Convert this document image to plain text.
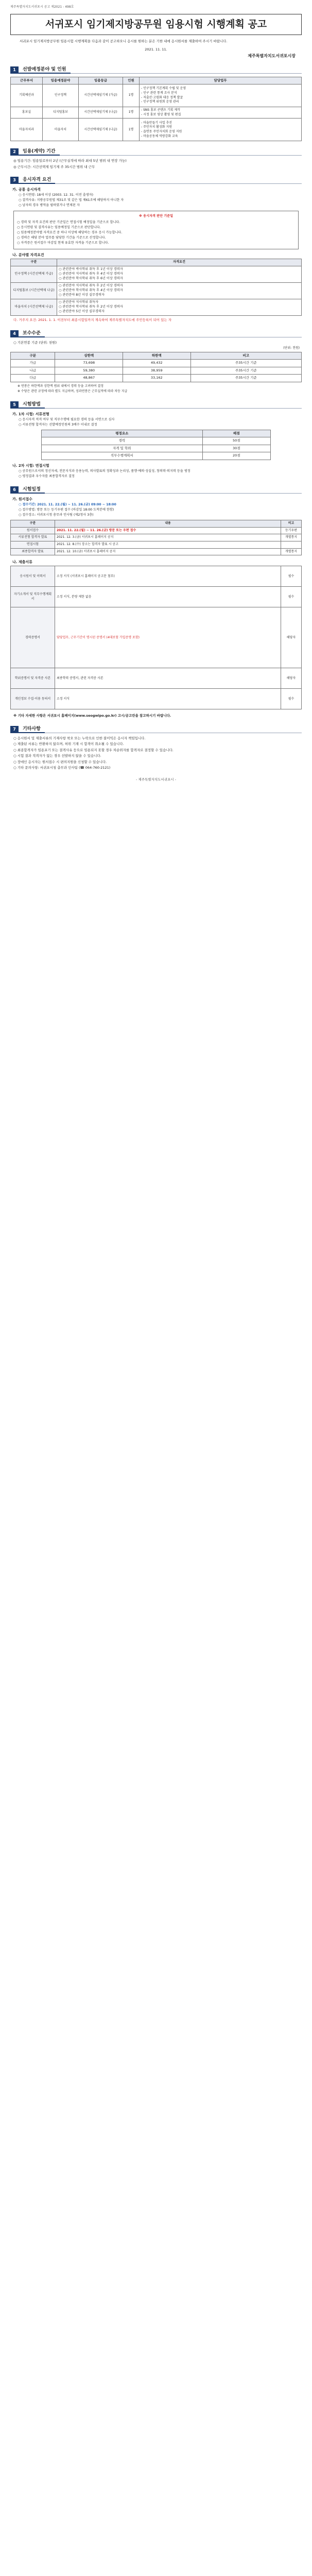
제주특별자치도서귀포시 공고 제2021 - 498호
서귀포시 임기제지방공무원 임용시험 시행계획 공고

서귀포시 임기제지방공무원 임용시험 시행계획을 다음과 같이 공고하오니 응시를 원하는 분은 기한 내에 응시원서를 제출하여 주시기 바랍니다.

2021. 11. 11.
제주특별자치도서귀포시장
1	선발예정분야 및 인원
근무부서	임용예정분야	임용등급	인원	담당업무
기획예산과	인구정책	시간선택제임기제 (가급)	1명	- 인구정책 기본계획 수립 및 운영
- 인구 관련 통계 조사 분석
- 저출산·고령화 대응 정책 발굴
- 인구정책 위원회 운영 관리

홍보실	디지털홍보	시간선택제임기제 (나급)	1명	- SNS 홍보 콘텐츠 기획 제작
- 시정 홍보 영상 촬영 및 편집

마을자치과	마을자치	시간선택제임기제 (나급)	1명	- 마을만들기 사업 추진
- 주민자치 활성화 지원
- 읍면동 주민자치회 운영 지원
- 마을공동체 역량강화 교육
2	임용(계약) 기간
◎ 임용기간: 임용일로부터 2년 (근무실적에 따라 최대 5년 범위 내 연장 가능)
◎ 근무시간: 시간선택제 임기제 주 35시간 범위 내 근무
3	응시자격 요건
가. 공통 응시자격
○ 응시연령: 18세 이상 (2003. 12. 31. 이전 출생자)
○ 결격사유: 지방공무원법 제31조 및 같은 법 제61조에 해당하지 아니한 자
○ 남자의 경우 병역을 필하였거나 면제된 자
※ 응시자격 판단 기준일
○ 경력 및 자격 요건의 판단 기준일은 면접시험 예정일을 기준으로 합니다.
○ 응시연령 및 결격사유는 임용예정일 기준으로 판단합니다.
○ 임용예정분야별 자격요건 중 하나 이상에 해당하는 경우 응시 가능합니다.
○ 경력은 해당 분야 업무를 담당한 기간을 기준으로 산정합니다.
○ 자격증은 원서접수 마감일 현재 유효한 자격을 기준으로 합니다.
나. 분야별 자격요건
구분	자격요건
인구정책 (시간선택제 가급)	○ 관련분야 박사학위 취득 후 1년 이상 경력자
○ 관련분야 석사학위 취득 후 4년 이상 경력자
○ 관련분야 학사학위 취득 후 6년 이상 경력자

디지털홍보 (시간선택제 나급)	○ 관련분야 석사학위 취득 후 2년 이상 경력자
○ 관련분야 학사학위 취득 후 4년 이상 경력자
○ 관련분야 8년 이상 실무경력자

마을자치 (시간선택제 나급)	○ 관련분야 석사학위 취득자
○ 관련분야 학사학위 취득 후 2년 이상 경력자
○ 관련분야 5년 이상 실무경력자
다. 거주지 요건: 2021. 1. 1. 이전부터 최종시험일까지 계속하여 제주특별자치도에 주민등록이 되어 있는 자
4	보수수준
○ 기본연봉 기준 (단위: 천원)
(단위: 천원)
구분	상한액	하한액	비고
가급	73,698	49,432	주35시간 기준
나급	59,380	38,959	주35시간 기준
다급	48,867	33,162	주35시간 기준
※ 연봉은 하한액과 상한액 범위 내에서 경력 등을 고려하여 결정
※ 수당은 관련 규정에 따라 별도 지급하며, 성과연봉은 근무실적에 따라 차등 지급
5	시험방법
가. 1차 시험: 서류전형
○ 응시자격 적격 여부 및 직무수행에 필요한 경력 등을 서면으로 심사
○ 서류전형 합격자는 선발예정인원의 3배수 이내로 결정
평정요소	배점
경력	50점
자격 및 학위	30점
직무수행계획서	20점
나. 2차 시험: 면접시험
○ 공무원으로서의 정신자세, 전문지식과 응용능력, 의사발표의 정확성과 논리성, 품행·예의·성실성, 창의력·의지력 등을 평정
○ 평정결과 우수자를 최종합격자로 결정
6	시험일정
가. 원서접수
○ 접수기간: 2021. 11. 22.(월) ~ 11. 26.(금) 09:00 ~ 18:00
○ 접수방법: 방문 또는 등기우편 접수 (마감일 18:00 도착분에 한함)
○ 접수장소: 서귀포시청 총무과 인사팀 (제2청사 3층)
구분	내용	비고
원서접수	2021. 11. 22.(월) ~ 11. 26.(금) 방문 또는 우편 접수	등기우편
서류전형 합격자 발표	2021. 12. 3.(금) 서귀포시 홈페이지 공지	개별통지
면접시험	2021. 12. 8.(수) 장소는 합격자 발표 시 공고	
최종합격자 발표	2021. 12. 10.(금) 서귀포시 홈페이지 공지	개별통지
나. 제출서류
응시원서 및 이력서	소정 서식 (서귀포시 홈페이지 공고문 첨부)	필수
자기소개서 및 직무수행계획서	소정 서식, 분량 제한 없음	필수
경력증명서	담당업무, 근무기간이 명시된 증명서 (4대보험 가입증명 포함)	해당자
학위증명서 및 자격증 사본	최종학력 증명서, 관련 자격증 사본	해당자
개인정보 수집·이용 동의서	소정 서식	필수
※ 기타 자세한 사항은 서귀포시 홈페이지(www.seogwipo.go.kr) 고시/공고란을 참고하시기 바랍니다.
7	기타사항
○ 응시원서 및 제출서류의 기재사항 착오 또는 누락으로 인한 불이익은 응시자 책임입니다.
○ 제출된 서류는 반환하지 않으며, 허위 기재 시 합격이 취소될 수 있습니다.
○ 최종합격자가 임용포기 또는 결격사유 등으로 임용되지 못할 경우 차순위자를 합격자로 결정할 수 있습니다.
○ 시험 결과 적격자가 없는 경우 선발하지 않을 수 있습니다.
○ 장애인 응시자는 원서접수 시 편의지원을 신청할 수 있습니다.
○ 기타 문의사항: 서귀포시청 총무과 인사팀 (☎ 064-760-2121)
- 제주특별자치도서귀포시 -
